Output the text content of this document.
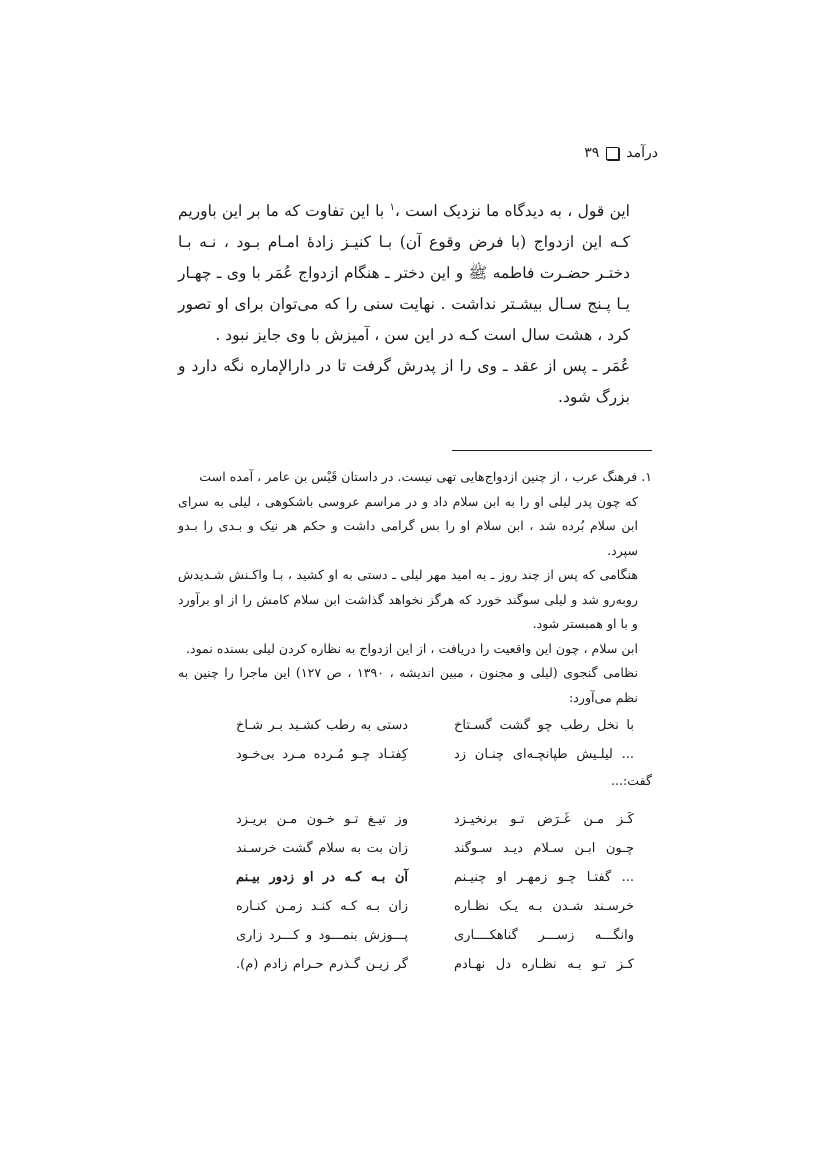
درآمد
۳۹

این قول ، به دیدگاه ما نزدیک است ،$^۱$ با این تفاوت که ما بر این باوریم کـه این ازدواج (با فرض وقوع آن) بـا کنیـز زادهٔ امـام بـود ، نـه بـا دختـر حضـرت فاطمه ﷺ و این دختر ـ هنگام ازدواج عُمَر با وی ـ چهـار یـا پـنج سـال بیشـتر نداشت . نهایت سنی را که می‌توان برای او تصور کرد ، هشت سال است کـه در این سن ، آمیزش با وی جایز نبود .

عُمَر ـ پس از عقد ـ وی را از پدرش گرفت تا در دارالإماره نگه دارد و بزرگ شود.

۱. فرهنگ عرب ، از چنین ازدواج‌هایی تهی نیست. در داستان قَیْس بن عامر ، آمده است

که چون پدر لیلی او را به ابن سلام داد و در مراسم عروسی باشکوهی ، لیلی به سرای ابن سلام بُرده شد ، ابن سلام او را بس گرامی داشت و حکم هر نیک و بـدی را بـدو سپرد.

هنگامی که پس از چند روز ـ به امید مهر لیلی ـ دستی به او کشید ، بـا واکـنش شـدیدش روبه‌رو شد و لیلی سوگند خورد که هرگز نخواهد گذاشت ابن سلام کامش را از او برآورد و با او همبستر شود.

ابن سلام ، چون این واقعیت را دریافت ، از این ازدواج به نظاره کردن لیلی بسنده نمود.

نظامی گنجوی (لیلی و مجنون ، مبین اندیشه ، ۱۳۹۰ ، ص ۱۲۷) این ماجرا را چنین به نظم می‌آورد:

با نخل رطب چو گشت گسـتاخ
دستی به رطب کشـید بـر شـاخ
... لیلـیش طپانچـه‌ای چنـان زد
کِفتـاد چـو مُـرده مـرد بی‌خـود

گفت:...

کَـز مـن غَـرَض تـو برنخیـزد
وز تیـغ تـو خـون مـن بریـزد
چـون ابـن سـلام دیـد سـوگند
زان بت به سلام گشت خرسـند
... گفتـا چـو زمهـر او چنیـنم
آن بـه کـه در او زدور بیـنم
خرسـند شـدن بـه یـک نظـاره
زان بـه کـه کنـد زمـن کنـاره
وانگـــه زســـر گناهکــــاری
پـــوزش بنمـــود و کـــرد زاری
کـز تـو بـه نظـاره دل نهـادم
گر زیـن گـذرم حـرام زادم (م).
